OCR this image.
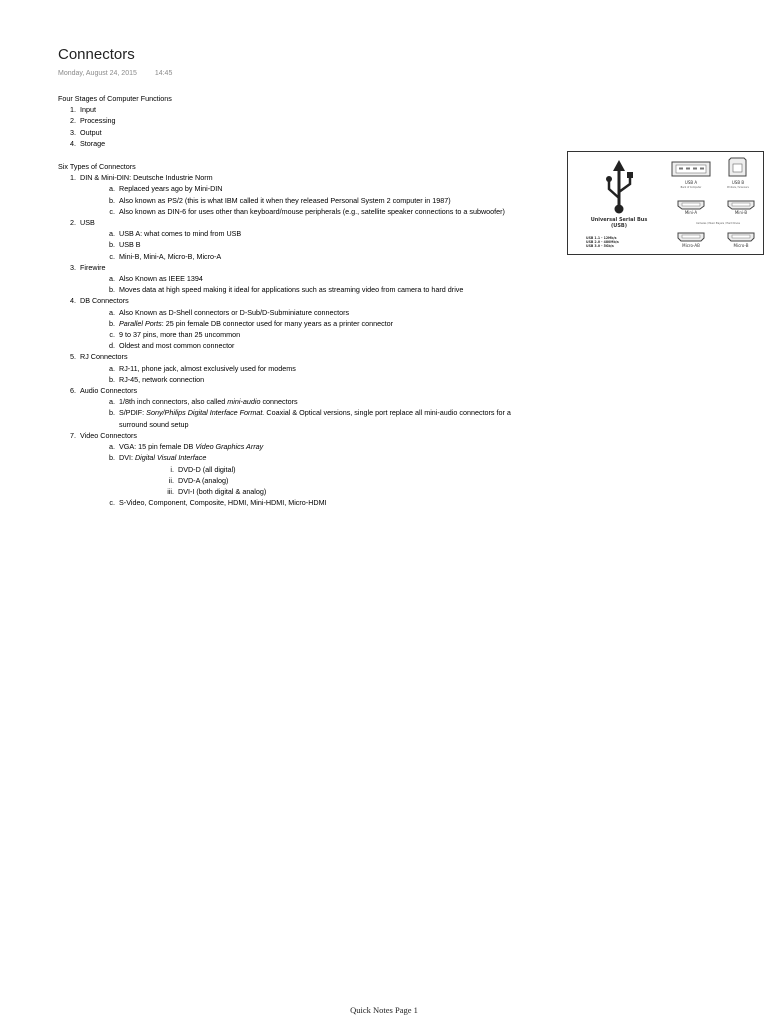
Connectors
Monday, August 24, 2015	14:45
Four Stages of Computer Functions
1. Input
2. Processing
3. Output
4. Storage
Six Types of Connectors
1. DIN & Mini-DIN: Deutsche Industrie Norm
a. Replaced years ago by Mini-DIN
b. Also known as PS/2 (this is what IBM called it when they released Personal System 2 computer in 1987)
c. Also known as DIN-6 for uses other than keyboard/mouse peripherals (e.g., satellite speaker connections to a subwoofer)
2. USB
a. USB A: what comes to mind from USB
b. USB B
c. Mini-B, Mini-A, Micro-B, Micro-A
3. Firewire
a. Also Known as IEEE 1394
b. Moves data at high speed making it ideal for applications such as streaming video from camera to hard drive
4. DB Connectors
a. Also Known as D-Shell connectors or D-Sub/D-Subminiature connectors
b. Parallel Ports: 25 pin female DB connector used for many years as a printer connector
c. 9 to 37 pins, more than 25 uncommon
d. Oldest and most common connector
5. RJ Connectors
a. RJ-11, phone jack, almost exclusively used for modems
b. RJ-45, network connection
6. Audio Connectors
a. 1/8th inch connectors, also called mini-audio connectors
b. S/PDIF: Sony/Philips Digital Interface Format. Coaxial & Optical versions, single port replace all mini-audio connectors for a
surround sound setup
7. Video Connectors
a. VGA: 15 pin female DB Video Graphics Array
b. DVI: Digital Visual Interface
i. DVD-D (all digital)
ii. DVD-A (analog)
iii. DVI-I (both digital & analog)
c. S-Video, Component, Composite, HDMI, Mini-HDMI, Micro-HDMI
Universal Serial Bus
(USB)
USB 1.1 - 12Mb/s
USB 2.0 - 480Mb/s
USB 3.0 - 5Gb/s
USB A
Back of Computer
USB B
Printers / Scanners
Mini-A	Mini-B
Cameras / Music Players / Hard Drives
Micro-AB	Micro-B
Quick Notes Page 1
